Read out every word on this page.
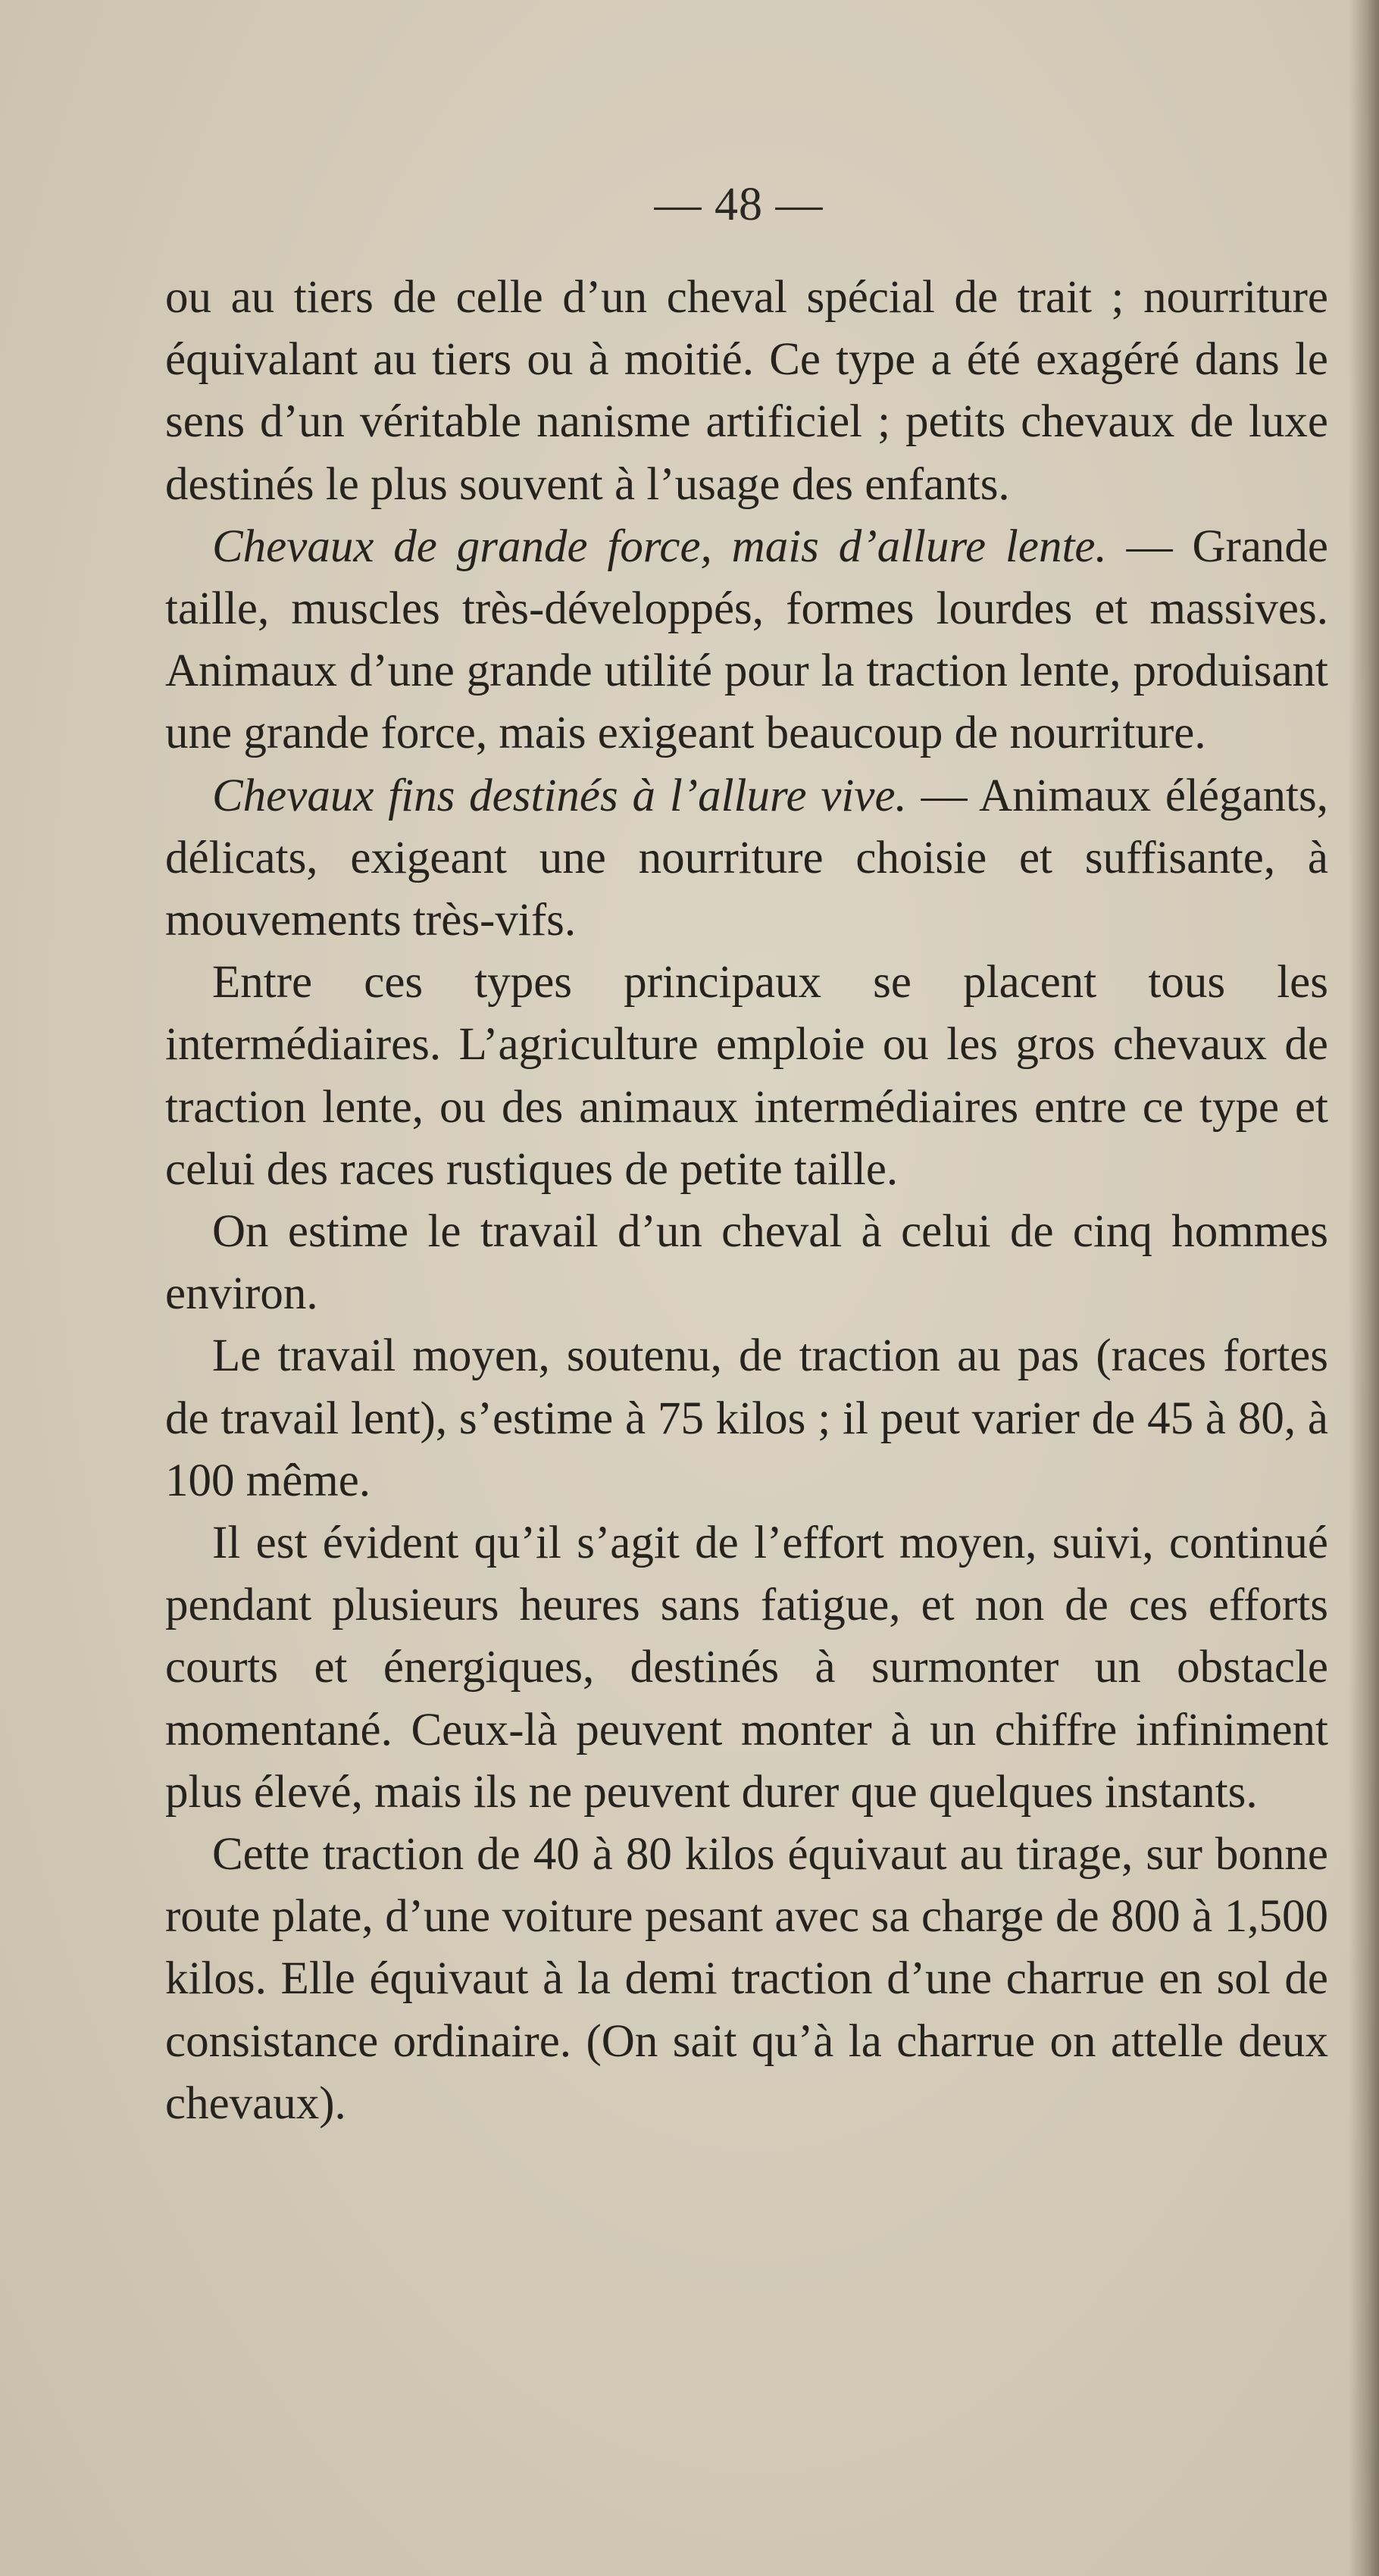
— 48 —

ou au tiers de celle d’un cheval spécial de trait ; nourriture équivalant au tiers ou à moitié. Ce type a été exagéré dans le sens d’un véritable nanisme artificiel ; petits chevaux de luxe destinés le plus souvent à l’usage des enfants.

Chevaux de grande force, mais d’allure lente. — Grande taille, muscles très-développés, formes lourdes et massives. Animaux d’une grande utilité pour la traction lente, produisant une grande force, mais exigeant beaucoup de nourriture.

Chevaux fins destinés à l’allure vive. — Animaux élégants, délicats, exigeant une nourriture choisie et suffisante, à mouvements très-vifs.

Entre ces types principaux se placent tous les intermédiaires. L’agriculture emploie ou les gros chevaux de traction lente, ou des animaux intermédiaires entre ce type et celui des races rustiques de petite taille.

On estime le travail d’un cheval à celui de cinq hommes environ.

Le travail moyen, soutenu, de traction au pas (races fortes de travail lent), s’estime à 75 kilos ; il peut varier de 45 à 80, à 100 même.

Il est évident qu’il s’agit de l’effort moyen, suivi, continué pendant plusieurs heures sans fatigue, et non de ces efforts courts et énergiques, destinés à surmonter un obstacle momentané. Ceux-là peuvent monter à un chiffre infiniment plus élevé, mais ils ne peuvent durer que quelques instants.

Cette traction de 40 à 80 kilos équivaut au tirage, sur bonne route plate, d’une voiture pesant avec sa charge de 800 à 1,500 kilos. Elle équivaut à la demi traction d’une charrue en sol de consistance ordinaire. (On sait qu’à la charrue on attelle deux chevaux).
